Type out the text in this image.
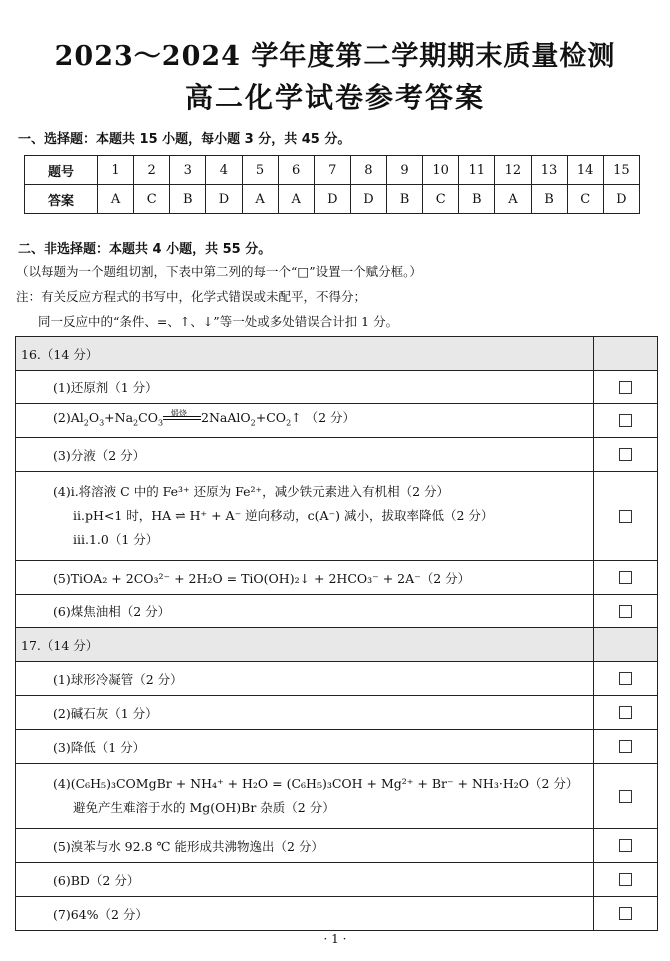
2023～2024 学年度第二学期期末质量检测
高二化学试卷参考答案
一、选择题：本题共 15 小题，每小题 3 分，共 45 分。
题号	1	2	3	4	5	6	7	8	9	10	11	12	13	14	15
答案	A	C	B	D	A	A	D	D	B	C	B	A	B	C	D
二、非选择题：本题共 4 小题，共 55 分。
（以每题为一个题组切割，下表中第二列的每一个“□”设置一个赋分框。）
注：有关反应方程式的书写中，化学式错误或未配平，不得分；
同一反应中的“条件、=、↑、↓”等一处或多处错误合计扣 1 分。
16.（14 分）
(1)还原剂（1 分）
$(2)Al_2O_3+Na_2CO_3$
煅烧 $2NaAlO_2+CO_2↑$ （2 分）
(3)分液（2 分）
(4)ⅰ.将溶液 C 中的 Fe³⁺ 还原为 Fe²⁺，减少铁元素进入有机相（2 分）
ⅱ.pH<1 时，HA ⇌ H⁺ + A⁻ 逆向移动，c(A⁻) 减小，拔取率降低（2 分）
ⅲ.1.0（1 分）
(5)TiOA₂ + 2CO₃²⁻ + 2H₂O = TiO(OH)₂↓ + 2HCO₃⁻ + 2A⁻（2 分）
(6)煤焦油相（2 分）
17.（14 分）
(1)球形冷凝管（2 分）
(2)碱石灰（1 分）
(3)降低（1 分）
(4)(C₆H₅)₃COMgBr + NH₄⁺ + H₂O = (C₆H₅)₃COH + Mg²⁺ + Br⁻ + NH₃·H₂O（2 分）
避免产生难溶于水的 Mg(OH)Br 杂质（2 分）
(5)溴苯与水 92.8 ℃ 能形成共沸物逸出（2 分）
(6)BD（2 分）
(7)64%（2 分）
· 1 ·
